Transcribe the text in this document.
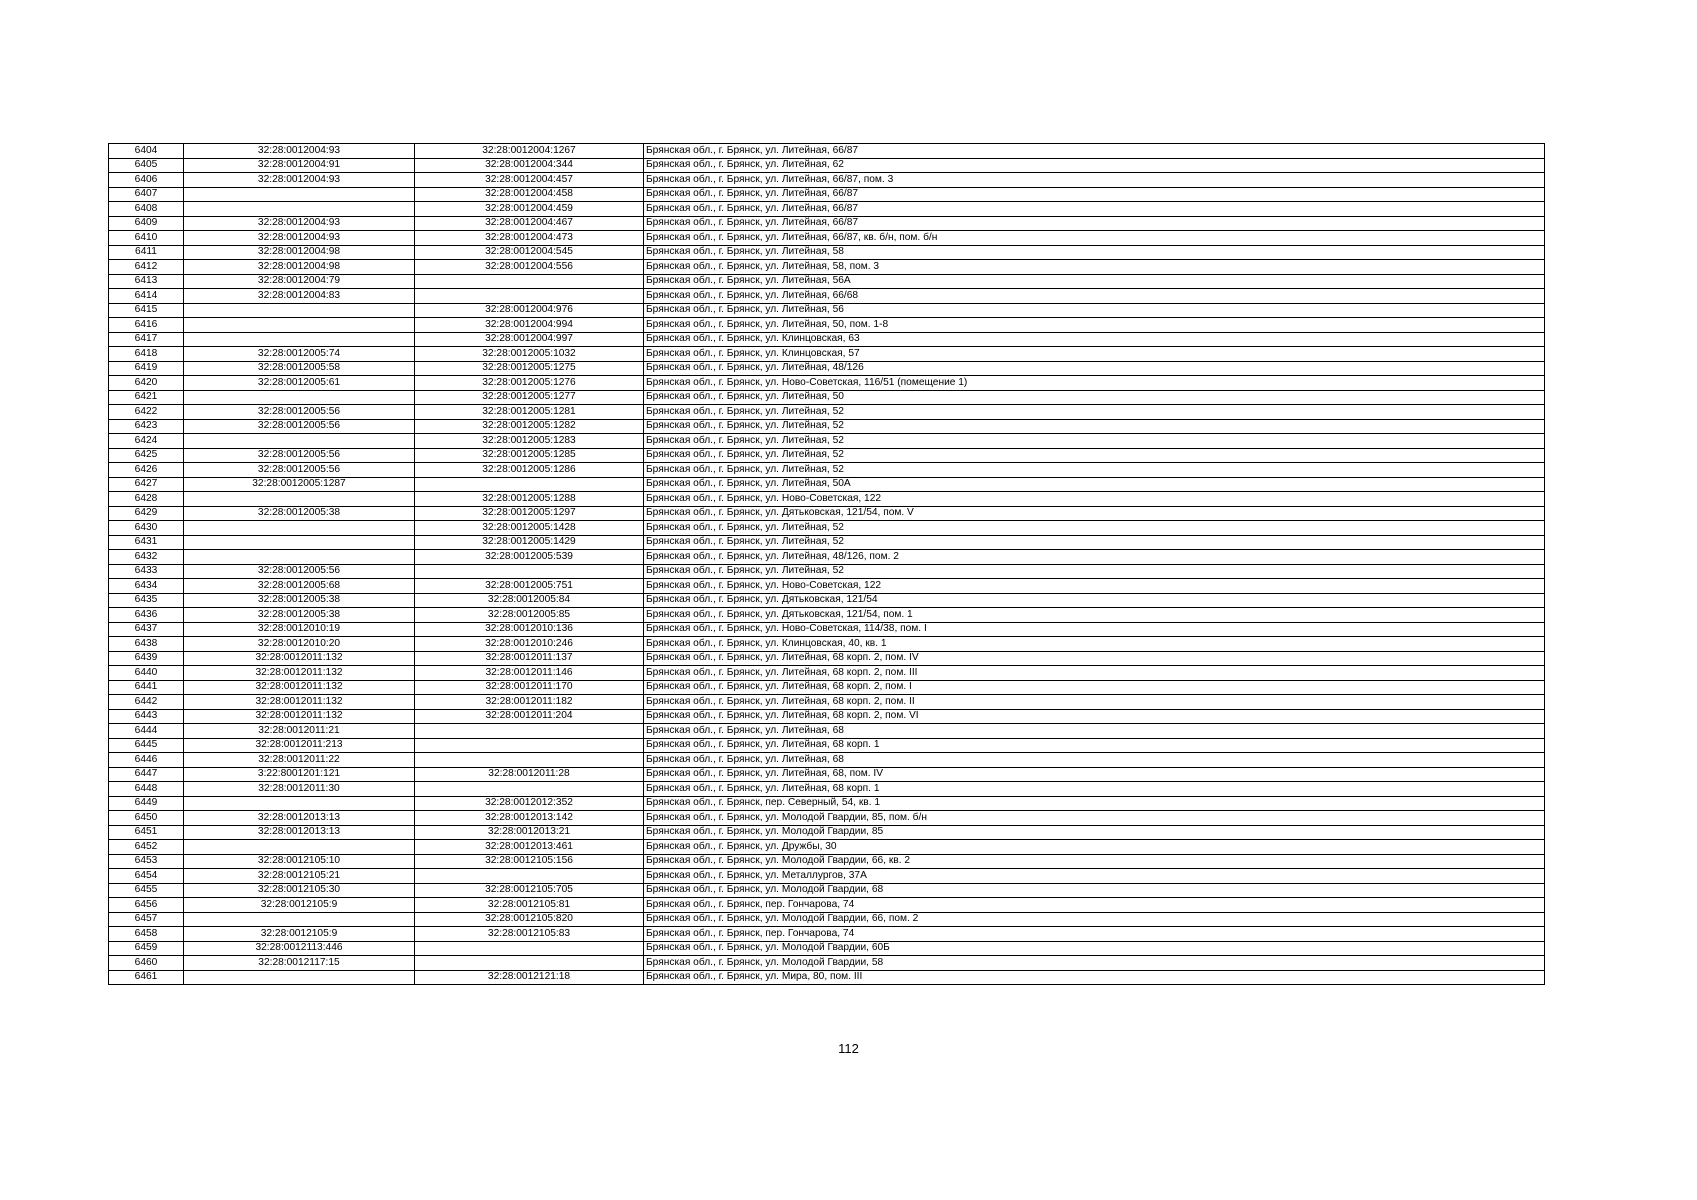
6404	32:28:0012004:93	32:28:0012004:1267	Брянская обл., г. Брянск, ул. Литейная, 66/87
6405	32:28:0012004:91	32:28:0012004:344	Брянская обл., г. Брянск, ул. Литейная, 62
6406	32:28:0012004:93	32:28:0012004:457	Брянская обл., г. Брянск, ул. Литейная, 66/87, пом. 3
6407		32:28:0012004:458	Брянская обл., г. Брянск, ул. Литейная, 66/87
6408		32:28:0012004:459	Брянская обл., г. Брянск, ул. Литейная, 66/87
6409	32:28:0012004:93	32:28:0012004:467	Брянская обл., г. Брянск, ул. Литейная, 66/87
6410	32:28:0012004:93	32:28:0012004:473	Брянская обл., г. Брянск, ул. Литейная, 66/87, кв. б/н, пом. б/н
6411	32:28:0012004:98	32:28:0012004:545	Брянская обл., г. Брянск, ул. Литейная, 58
6412	32:28:0012004:98	32:28:0012004:556	Брянская обл., г. Брянск, ул. Литейная, 58, пом. 3
6413	32:28:0012004:79		Брянская обл., г. Брянск, ул. Литейная, 56А
6414	32:28:0012004:83		Брянская обл., г. Брянск, ул. Литейная, 66/68
6415		32:28:0012004:976	Брянская обл., г. Брянск, ул. Литейная, 56
6416		32:28:0012004:994	Брянская обл., г. Брянск, ул. Литейная, 50, пом. 1-8
6417		32:28:0012004:997	Брянская обл., г. Брянск, ул. Клинцовская, 63
6418	32:28:0012005:74	32:28:0012005:1032	Брянская обл., г. Брянск, ул. Клинцовская, 57
6419	32:28:0012005:58	32:28:0012005:1275	Брянская обл., г. Брянск, ул. Литейная, 48/126
6420	32:28:0012005:61	32:28:0012005:1276	Брянская обл., г. Брянск, ул. Ново-Советская, 116/51 (помещение 1)
6421		32:28:0012005:1277	Брянская обл., г. Брянск, ул. Литейная, 50
6422	32:28:0012005:56	32:28:0012005:1281	Брянская обл., г. Брянск, ул. Литейная, 52
6423	32:28:0012005:56	32:28:0012005:1282	Брянская обл., г. Брянск, ул. Литейная, 52
6424		32:28:0012005:1283	Брянская обл., г. Брянск, ул. Литейная, 52
6425	32:28:0012005:56	32:28:0012005:1285	Брянская обл., г. Брянск, ул. Литейная, 52
6426	32:28:0012005:56	32:28:0012005:1286	Брянская обл., г. Брянск, ул. Литейная, 52
6427	32:28:0012005:1287		Брянская обл., г. Брянск, ул. Литейная, 50А
6428		32:28:0012005:1288	Брянская обл., г. Брянск, ул. Ново-Советская, 122
6429	32:28:0012005:38	32:28:0012005:1297	Брянская обл., г. Брянск, ул. Дятьковская, 121/54, пом. V
6430		32:28:0012005:1428	Брянская обл., г. Брянск, ул. Литейная, 52
6431		32:28:0012005:1429	Брянская обл., г. Брянск, ул. Литейная, 52
6432		32:28:0012005:539	Брянская обл., г. Брянск, ул. Литейная, 48/126, пом. 2
6433	32:28:0012005:56		Брянская обл., г. Брянск, ул. Литейная, 52
6434	32:28:0012005:68	32:28:0012005:751	Брянская обл., г. Брянск, ул. Ново-Советская, 122
6435	32:28:0012005:38	32:28:0012005:84	Брянская обл., г. Брянск, ул. Дятьковская, 121/54
6436	32:28:0012005:38	32:28:0012005:85	Брянская обл., г. Брянск, ул. Дятьковская, 121/54, пом. 1
6437	32:28:0012010:19	32:28:0012010:136	Брянская обл., г. Брянск, ул. Ново-Советская, 114/38, пом. I
6438	32:28:0012010:20	32:28:0012010:246	Брянская обл., г. Брянск, ул. Клинцовская, 40, кв. 1
6439	32:28:0012011:132	32:28:0012011:137	Брянская обл., г. Брянск, ул. Литейная, 68 корп. 2, пом. IV
6440	32:28:0012011:132	32:28:0012011:146	Брянская обл., г. Брянск, ул. Литейная, 68 корп. 2, пом. III
6441	32:28:0012011:132	32:28:0012011:170	Брянская обл., г. Брянск, ул. Литейная, 68 корп. 2, пом. I
6442	32:28:0012011:132	32:28:0012011:182	Брянская обл., г. Брянск, ул. Литейная, 68 корп. 2, пом. II
6443	32:28:0012011:132	32:28:0012011:204	Брянская обл., г. Брянск, ул. Литейная, 68 корп. 2, пом. VI
6444	32:28:0012011:21		Брянская обл., г. Брянск, ул. Литейная, 68
6445	32:28:0012011:213		Брянская обл., г. Брянск, ул. Литейная, 68 корп. 1
6446	32:28:0012011:22		Брянская обл., г. Брянск, ул. Литейная, 68
6447	3:22:8001201:121	32:28:0012011:28	Брянская обл., г. Брянск, ул. Литейная, 68, пом. IV
6448	32:28:0012011:30		Брянская обл., г. Брянск, ул. Литейная, 68 корп. 1
6449		32:28:0012012:352	Брянская обл., г. Брянск, пер. Северный, 54, кв. 1
6450	32:28:0012013:13	32:28:0012013:142	Брянская обл., г. Брянск, ул. Молодой Гвардии, 85, пом. б/н
6451	32:28:0012013:13	32:28:0012013:21	Брянская обл., г. Брянск, ул. Молодой Гвардии, 85
6452		32:28:0012013:461	Брянская обл., г. Брянск, ул. Дружбы, 30
6453	32:28:0012105:10	32:28:0012105:156	Брянская обл., г. Брянск, ул. Молодой Гвардии, 66, кв. 2
6454	32:28:0012105:21		Брянская обл., г. Брянск, ул. Металлургов, 37А
6455	32:28:0012105:30	32:28:0012105:705	Брянская обл., г. Брянск, ул. Молодой Гвардии, 68
6456	32:28:0012105:9	32:28:0012105:81	Брянская обл., г. Брянск, пер. Гончарова, 74
6457		32:28:0012105:820	Брянская обл., г. Брянск, ул. Молодой Гвардии, 66, пом. 2
6458	32:28:0012105:9	32:28:0012105:83	Брянская обл., г. Брянск, пер. Гончарова, 74
6459	32:28:0012113:446		Брянская обл., г. Брянск, ул. Молодой Гвардии, 60Б
6460	32:28:0012117:15		Брянская обл., г. Брянск, ул. Молодой Гвардии, 58
6461		32:28:0012121:18	Брянская обл., г. Брянск, ул. Мира, 80, пом. III
112
